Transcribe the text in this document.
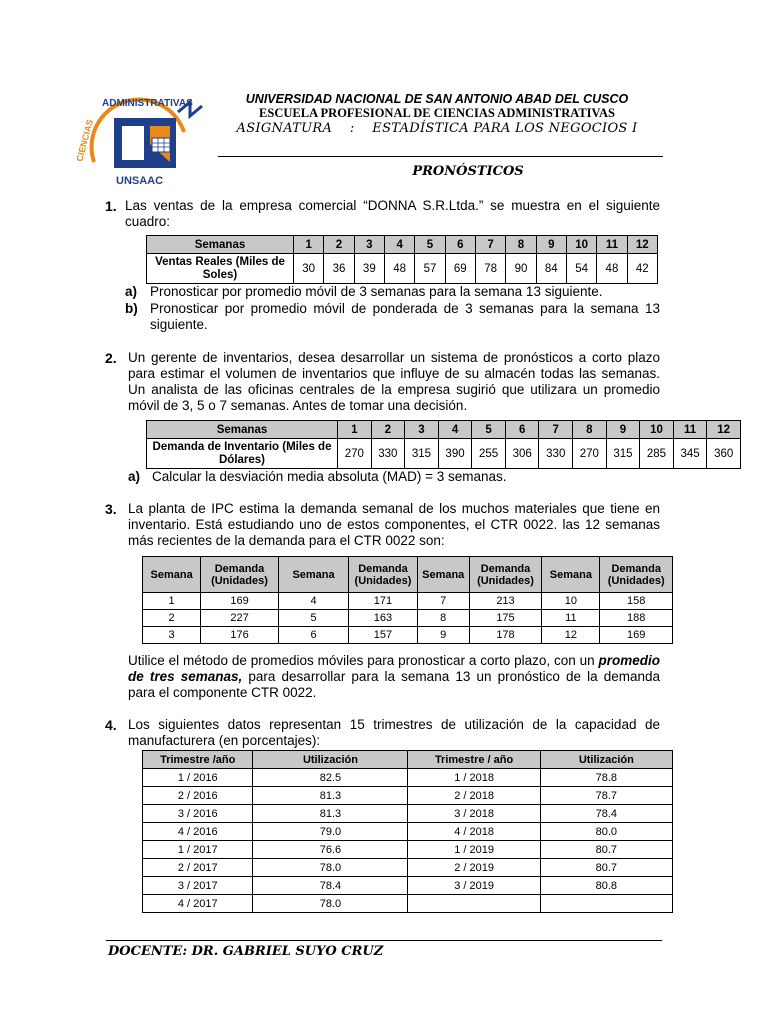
ADMINISTRATIVAS
CIENCIAS
UNSAAC
UNIVERSIDAD NACIONAL DE SAN ANTONIO ABAD DEL CUSCO
ESCUELA PROFESIONAL DE CIENCIAS ADMINISTRATIVAS
ASIGNATURA    :    ESTADÍSTICA PARA LOS NEGOCIOS I
PRONÓSTICOS
1. Las ventas de la empresa comercial “DONNA S.R.Ltda.” se muestra en el siguiente cuadro:
Semanas	1	2	3	4	5	6	7	8	9	10	11	12
Ventas Reales (Miles de Soles)	30	36	39	48	57	69	78	90	84	54	48	42
a) Pronosticar por promedio móvil de 3 semanas para la semana 13 siguiente.
b) Pronosticar por promedio móvil de ponderada de 3 semanas para la semana 13 siguiente.
2. Un gerente de inventarios, desea desarrollar un sistema de pronósticos a corto plazo para estimar el volumen de inventarios que influye de su almacén todas las semanas. Un analista de las oficinas centrales de la empresa sugirió que utilizara un promedio móvil de 3, 5 o 7 semanas. Antes de tomar una decisión.
Semanas	1	2	3	4	5	6	7	8	9	10	11	12
Demanda de Inventario (Miles de Dólares)	270	330	315	390	255	306	330	270	315	285	345	360
a) Calcular la desviación media absoluta (MAD) = 3 semanas.
3. La planta de IPC estima la demanda semanal de los muchos materiales que tiene en inventario. Está estudiando uno de estos componentes, el CTR 0022. las 12 semanas más recientes de la demanda para el CTR 0022 son:
Semana	Demanda (Unidades)	Semana	Demanda (Unidades)	Semana	Demanda (Unidades)	Semana	Demanda (Unidades)
1	169	4	171	7	213	10	158
2	227	5	163	8	175	11	188
3	176	6	157	9	178	12	169
Utilice el método de promedios móviles para pronosticar a corto plazo, con un promedio de tres semanas, para desarrollar para la semana 13 un pronóstico de la demanda para el componente CTR 0022.
4. Los siguientes datos representan 15 trimestres de utilización de la capacidad de manufacturera (en porcentajes):
Trimestre /año	Utilización	Trimestre / año	Utilización
1 / 2016	82.5	1 / 2018	78.8
2 / 2016	81.3	2 / 2018	78.7
3 / 2016	81.3	3 / 2018	78.4
4 / 2016	79.0	4 / 2018	80.0
1 / 2017	76.6	1 / 2019	80.7
2 / 2017	78.0	2 / 2019	80.7
3 / 2017	78.4	3 / 2019	80.8
4 / 2017	78.0		
DOCENTE: DR. GABRIEL SUYO CRUZ
